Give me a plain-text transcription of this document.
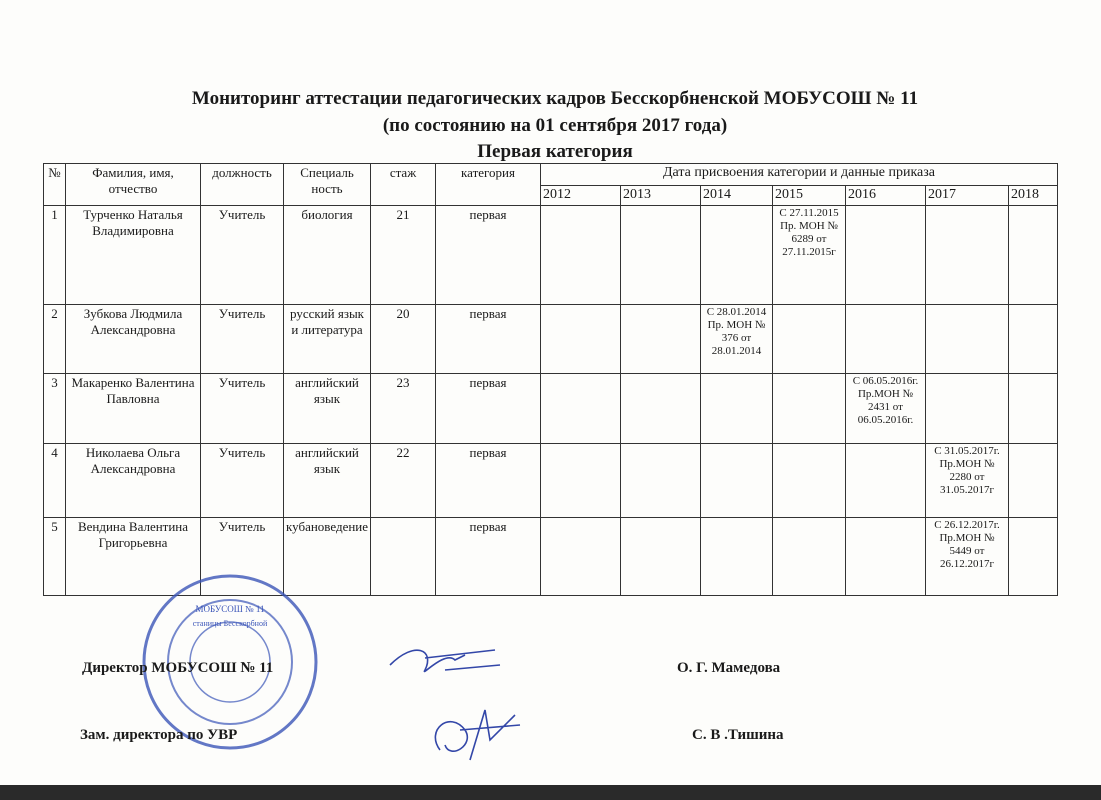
Мониторинг аттестации педагогических кадров Бесскорбненской МОБУСОШ № 11
(по состоянию на 01 сентября 2017 года)
Первая категория
№	Фамилия, имя, отчество	должность	Специаль ность	стаж	категория	Дата присвоения категории и данные приказа						
						2012	2013	2014	2015	2016	2017	2018
1	Турченко Наталья Владимировна	Учитель	биология	21	первая				С 27.11.2015 Пр. МОН № 6289 от 27.11.2015г			
2	Зубкова Людмила Александровна	Учитель	русский язык и литература	20	первая			С 28.01.2014 Пр. МОН № 376 от 28.01.2014				
3	Макаренко Валентина Павловна	Учитель	английский язык	23	первая					С 06.05.2016г. Пр.МОН № 2431 от 06.05.2016г.		
4	Николаева Ольга Александровна	Учитель	английский язык	22	первая						С 31.05.2017г. Пр.МОН № 2280 от 31.05.2017г	
5	Вендина Валентина Григорьевна	Учитель	кубановедение		первая						С 26.12.2017г. Пр.МОН № 5449 от 26.12.2017г	
МОБУСОШ № 11
станицы Бесскорбной
Директор МОБУСОШ № 11	О. Г. Мамедова
Зам. директора по УВР	С. В .Тишина
